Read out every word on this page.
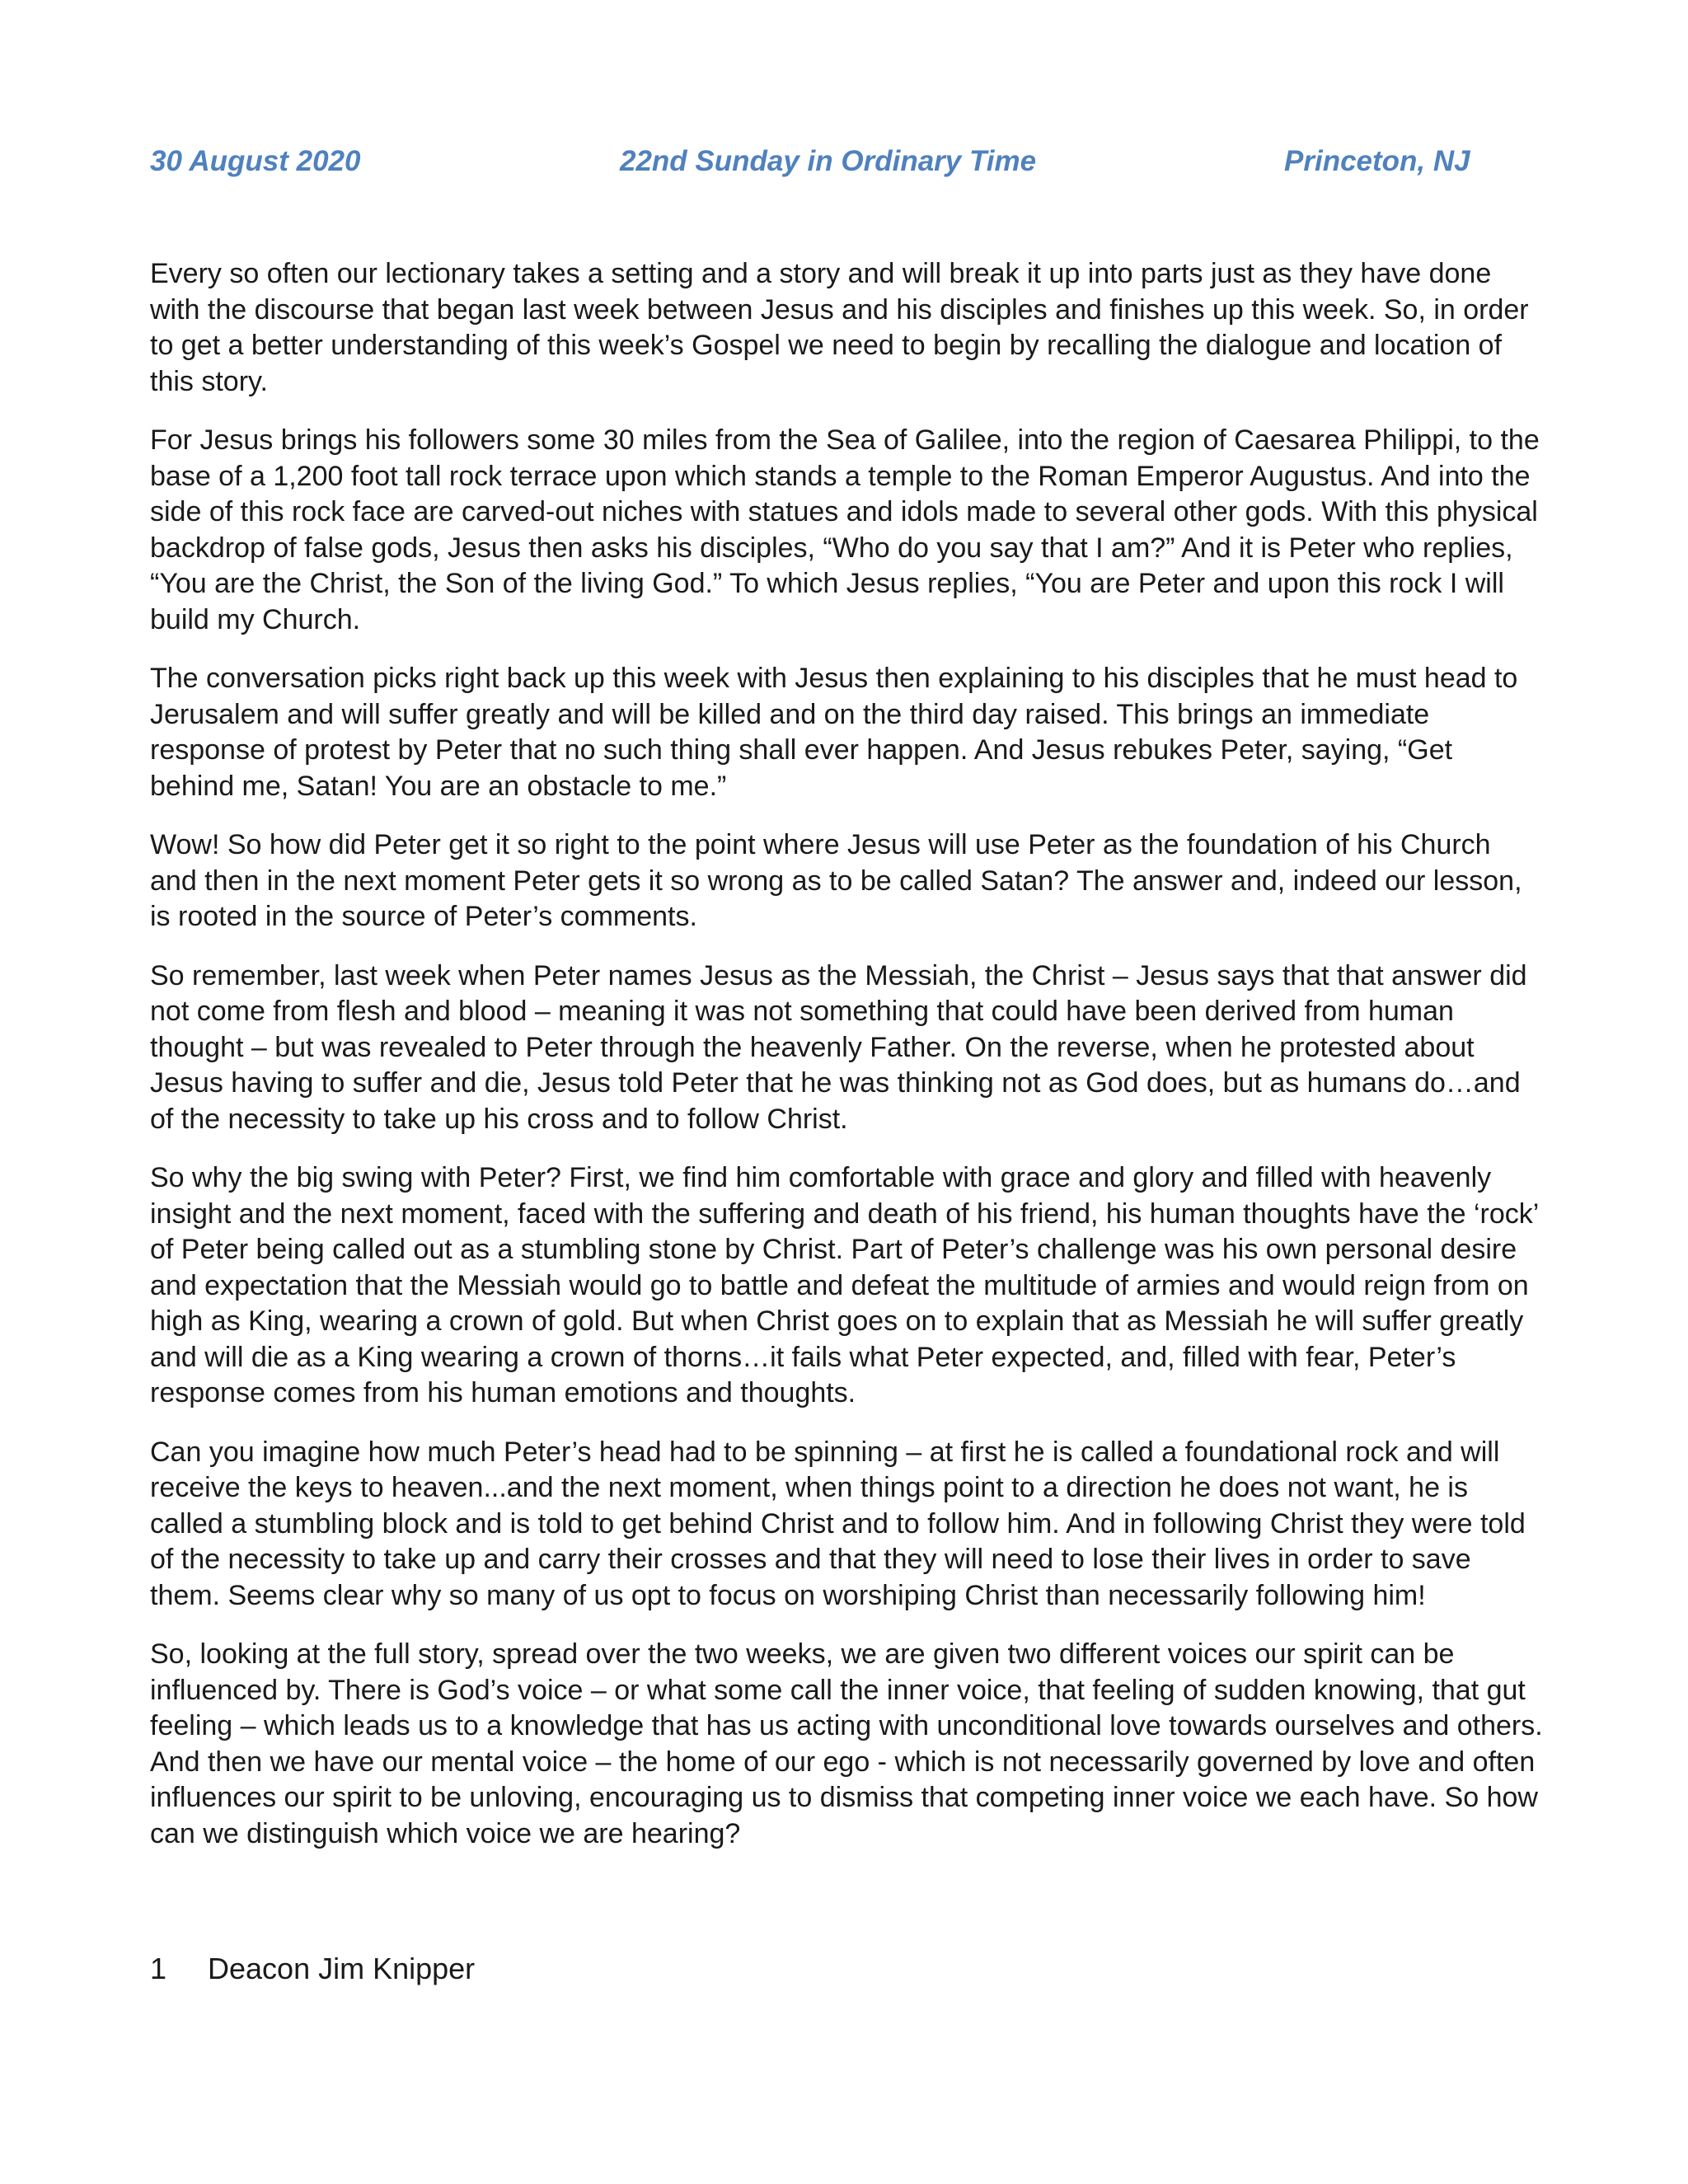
30 August 2020	22nd Sunday in Ordinary Time	Princeton, NJ

Every so often our lectionary takes a setting and a story and will break it up into parts just as they have done with the discourse that began last week between Jesus and his disciples and finishes up this week. So, in order to get a better understanding of this week’s Gospel we need to begin by recalling the dialogue and location of this story.

For Jesus brings his followers some 30 miles from the Sea of Galilee, into the region of Caesarea Philippi, to the base of a 1,200 foot tall rock terrace upon which stands a temple to the Roman Emperor Augustus. And into the side of this rock face are carved-out niches with statues and idols made to several other gods. With this physical backdrop of false gods, Jesus then asks his disciples, “Who do you say that I am?” And it is Peter who replies, “You are the Christ, the Son of the living God.” To which Jesus replies, “You are Peter and upon this rock I will build my Church.

The conversation picks right back up this week with Jesus then explaining to his disciples that he must head to Jerusalem and will suffer greatly and will be killed and on the third day raised. This brings an immediate response of protest by Peter that no such thing shall ever happen. And Jesus rebukes Peter, saying, “Get behind me, Satan! You are an obstacle to me.”

Wow! So how did Peter get it so right to the point where Jesus will use Peter as the foundation of his Church and then in the next moment Peter gets it so wrong as to be called Satan? The answer and, indeed our lesson, is rooted in the source of Peter’s comments.

So remember, last week when Peter names Jesus as the Messiah, the Christ – Jesus says that that answer did not come from flesh and blood – meaning it was not something that could have been derived from human thought – but was revealed to Peter through the heavenly Father. On the reverse, when he protested about Jesus having to suffer and die, Jesus told Peter that he was thinking not as God does, but as humans do…and of the necessity to take up his cross and to follow Christ.

So why the big swing with Peter? First, we find him comfortable with grace and glory and filled with heavenly insight and the next moment, faced with the suffering and death of his friend, his human thoughts have the ‘rock’ of Peter being called out as a stumbling stone by Christ. Part of Peter’s challenge was his own personal desire and expectation that the Messiah would go to battle and defeat the multitude of armies and would reign from on high as King, wearing a crown of gold. But when Christ goes on to explain that as Messiah he will suffer greatly and will die as a King wearing a crown of thorns…it fails what Peter expected, and, filled with fear, Peter’s response comes from his human emotions and thoughts.

Can you imagine how much Peter’s head had to be spinning – at first he is called a foundational rock and will receive the keys to heaven...and the next moment, when things point to a direction he does not want, he is called a stumbling block and is told to get behind Christ and to follow him. And in following Christ they were told of the necessity to take up and carry their crosses and that they will need to lose their lives in order to save them. Seems clear why so many of us opt to focus on worshiping Christ than necessarily following him!

So, looking at the full story, spread over the two weeks, we are given two different voices our spirit can be influenced by. There is God’s voice – or what some call the inner voice, that feeling of sudden knowing, that gut feeling – which leads us to a knowledge that has us acting with unconditional love towards ourselves and others. And then we have our mental voice – the home of our ego - which is not necessarily governed by love and often influences our spirit to be unloving, encouraging us to dismiss that competing inner voice we each have. So how can we distinguish which voice we are hearing?

1 Deacon Jim Knipper
